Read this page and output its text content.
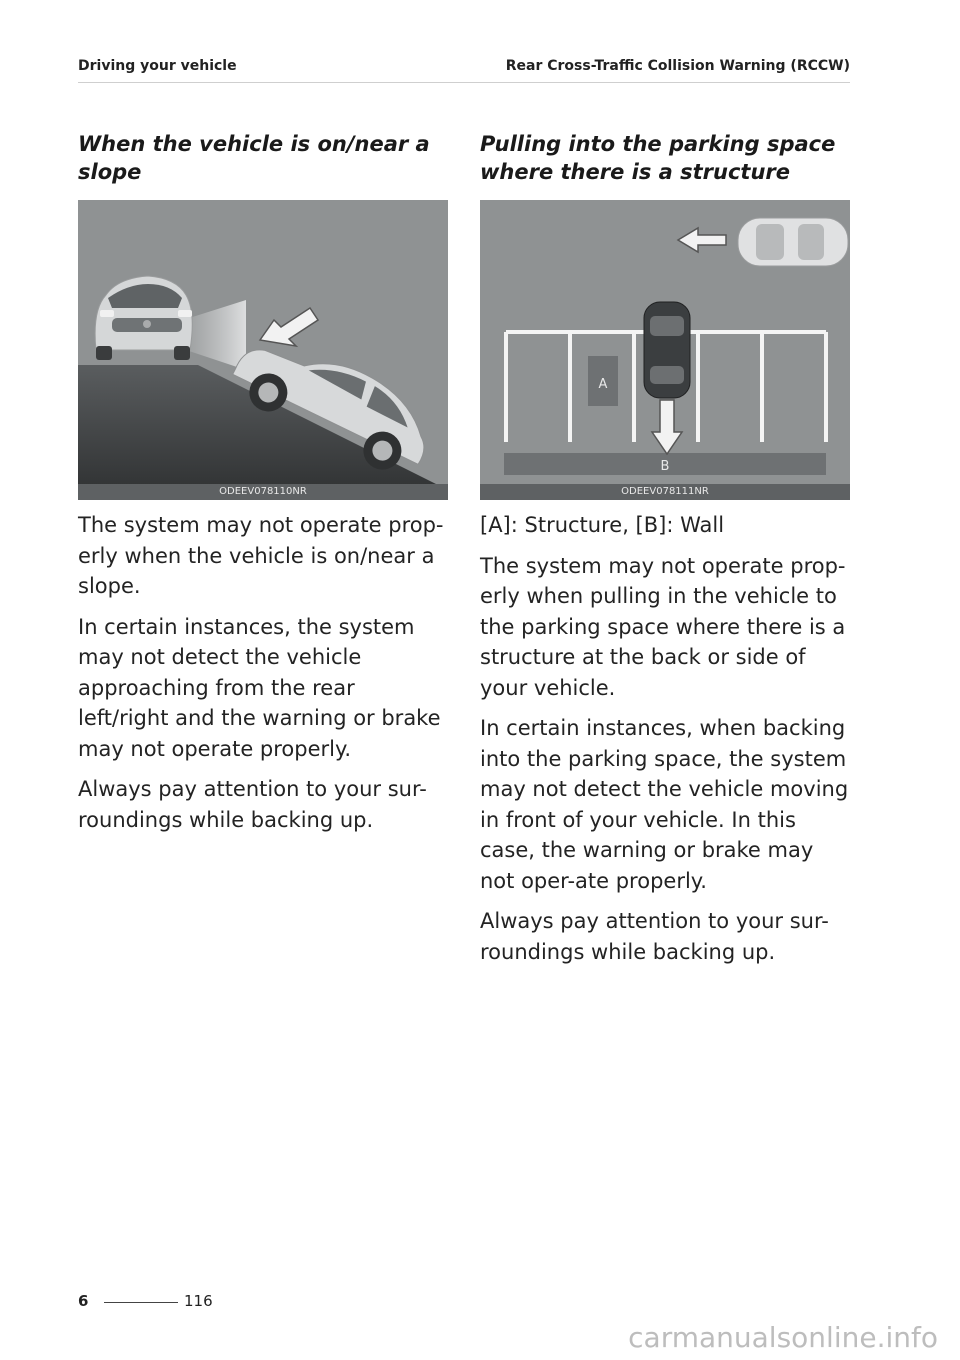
Driving your vehicle	Rear Cross-Traffic Collision Warning (RCCW)
When the vehicle is on/near a slope
ODEEV078110NR

The system may not operate prop-erly when the vehicle is on/near a slope.

In certain instances, the system may not detect the vehicle approaching from the rear left/right and the warning or brake may not operate properly.

Always pay attention to your sur-roundings while backing up.

Pulling into the parking space where there is a structure
A
B
ODEEV078111NR

[A]: Structure, [B]: Wall

The system may not operate prop-erly when pulling in the vehicle to the parking space where there is a structure at the back or side of your vehicle.

In certain instances, when backing into the parking space, the system may not detect the vehicle moving in front of your vehicle. In this case, the warning or brake may not oper-ate properly.

Always pay attention to your sur-roundings while backing up.

6	116
carmanualsonline.info
